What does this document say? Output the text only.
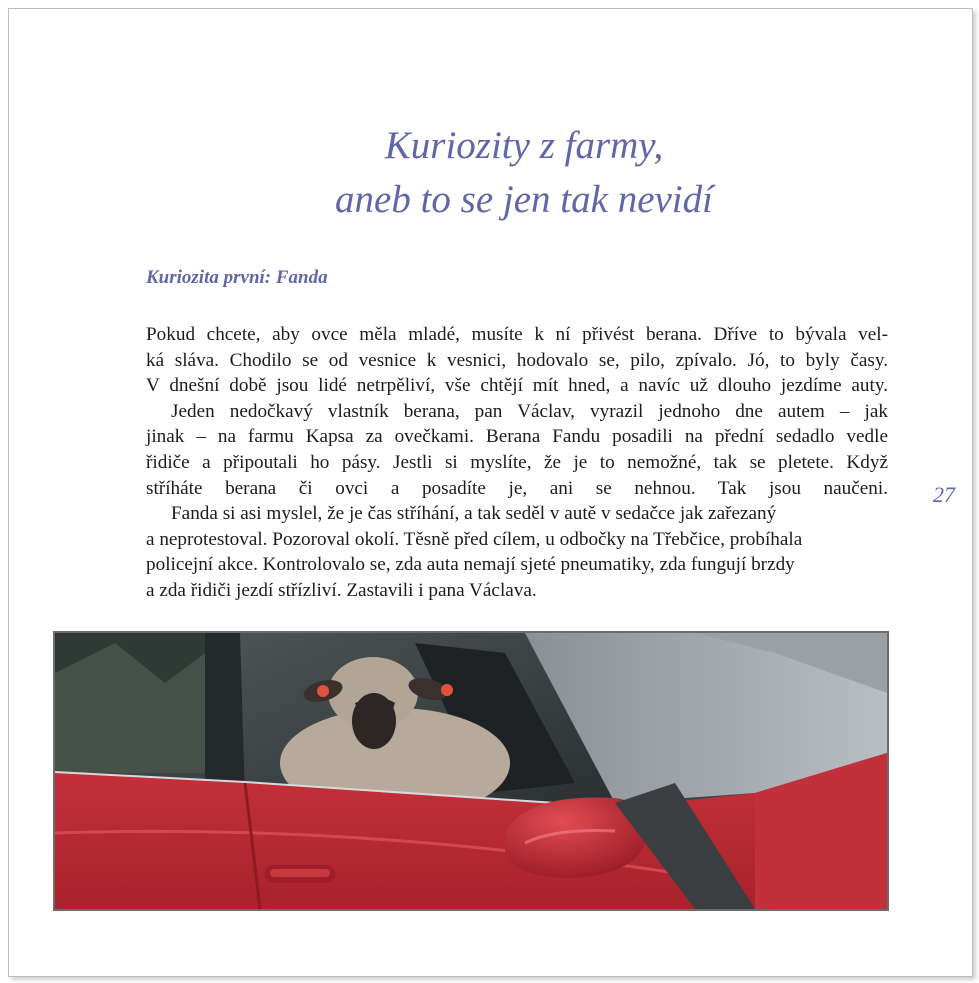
Kuriozity z farmy,
aneb to se jen tak nevidí
Kuriozita první: Fanda

Pokud chcete, aby ovce měla mladé, musíte k ní přivést berana. Dříve to bývala vel-
ká sláva. Chodilo se od vesnice k vesnici, hodovalo se, pilo, zpívalo. Jó, to byly časy.
V dnešní době jsou lidé netrpěliví, vše chtějí mít hned, a navíc už dlouho jezdíme auty.

Jeden nedočkavý vlastník berana, pan Václav, vyrazil jednoho dne autem – jak
jinak – na farmu Kapsa za ovečkami. Berana Fandu posadili na přední sedadlo vedle
řidiče a připoutali ho pásy. Jestli si myslíte, že je to nemožné, tak se pletete. Když
stříháte berana či ovci a posadíte je, ani se nehnou. Tak jsou naučeni.

Fanda si asi myslel, že je čas stříhání, a tak seděl v autě v sedačce jak zařezaný
a neprotestoval. Pozoroval okolí. Těsně před cílem, u odbočky na Třebčice, probíhala
policejní akce. Kontrolovalo se, zda auta nemají sjeté pneumatiky, zda fungují brzdy
a zda řidiči jezdí střízliví. Zastavili i pana Václava.

27
